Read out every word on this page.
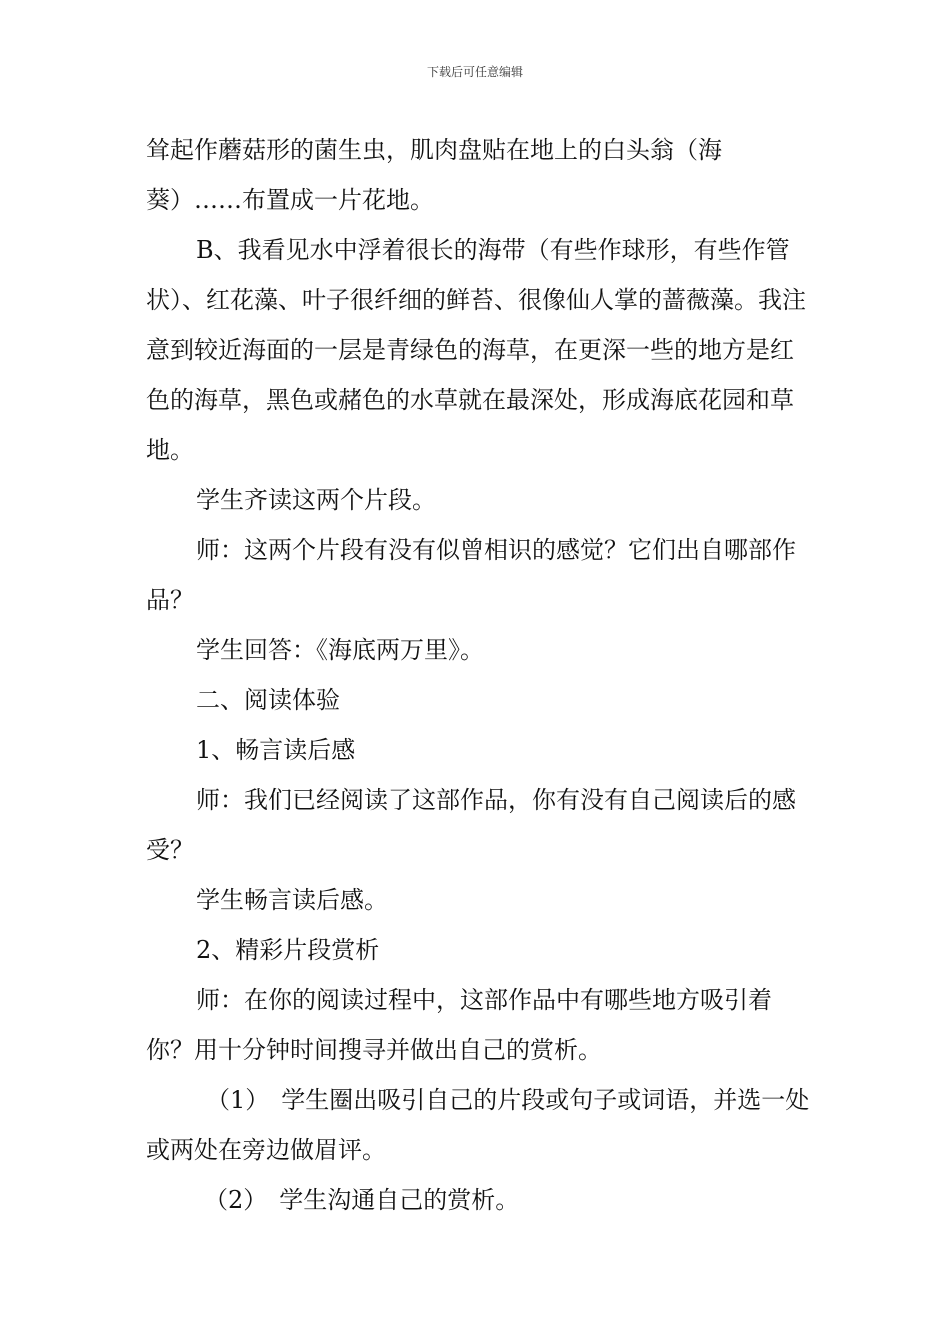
下载后可任意编辑

耸起作蘑菇形的菌生虫，肌肉盘贴在地上的白头翁（海葵）……布置成一片花地。

B、我看见水中浮着很长的海带（有些作球形，有些作管状）、红花藻、叶子很纤细的鲜苔、很像仙人掌的蔷薇藻。我注意到较近海面的一层是青绿色的海草，在更深一些的地方是红色的海草，黑色或赭色的水草就在最深处，形成海底花园和草地。

学生齐读这两个片段。

师：这两个片段有没有似曾相识的感觉？它们出自哪部作品？

学生回答：《海底两万里》。

二、阅读体验

1、畅言读后感

师：我们已经阅读了这部作品，你有没有自己阅读后的感受？

学生畅言读后感。

2、精彩片段赏析

师：在你的阅读过程中，这部作品中有哪些地方吸引着你？用十分钟时间搜寻并做出自己的赏析。

（1）　学生圈出吸引自己的片段或句子或词语，并选一处或两处在旁边做眉评。

（2）　学生沟通自己的赏析。
